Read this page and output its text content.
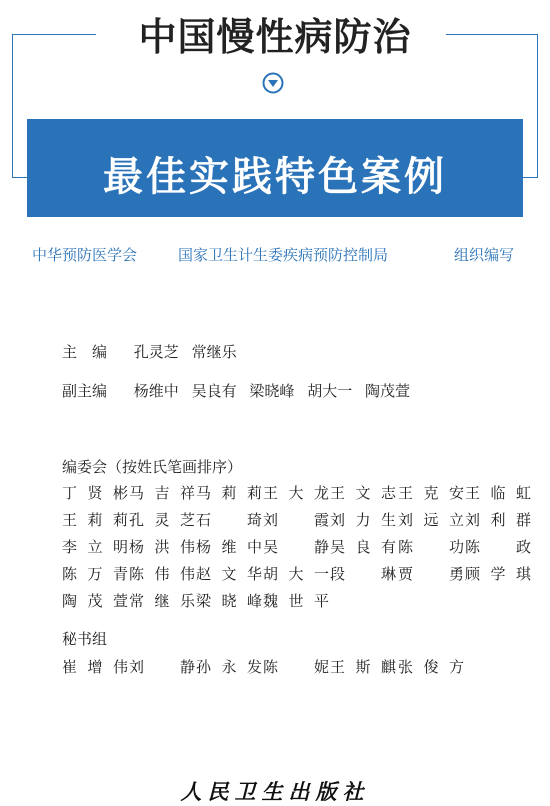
中国慢性病防治
最佳实践特色案例
中华预防医学会	国家卫生计生委疾病预防控制局	组织编写
主　编 孔灵芝 常继乐
副主编 杨维中 吴良有 梁晓峰 胡大一 陶茂萱
编委会（按姓氏笔画排序）
丁贤彬 马吉祥 马莉莉 王大龙 王文志 王克安 王临虹
王莉莉 孔灵芝 石　琦 刘　霞 刘力生 刘远立 刘利群
李立明 杨洪伟 杨维中 吴　静 吴良有 陈　功 陈　政
陈万青 陈伟伟 赵文华 胡大一 段　琳 贾　勇 顾学琪
陶茂萱 常继乐 梁晓峰 魏世平
秘书组
崔增伟 刘　静 孙永发 陈　妮 王斯麒 张俊方
人民卫生出版社
